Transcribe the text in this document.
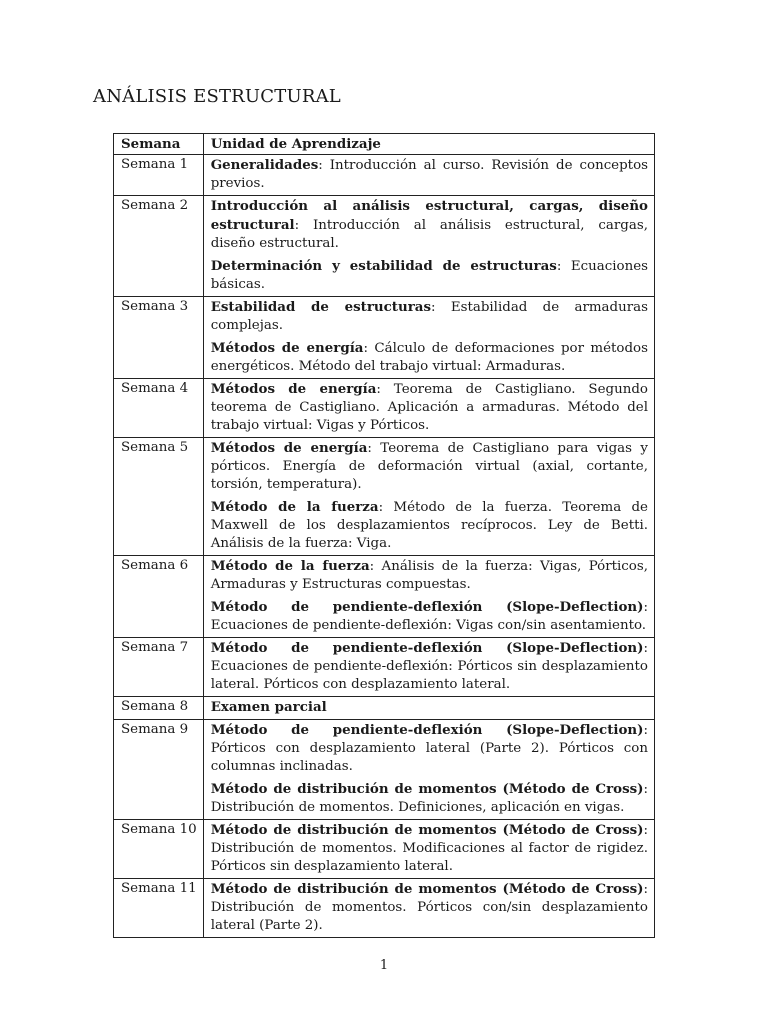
ANÁLISIS ESTRUCTURAL
Semana	Unidad de Aprendizaje
Semana 1	Generalidades: Introducción al curso. Revisión de conceptos previos.

Semana 2	Introducción al análisis estructural, cargas, diseño estructural: Introducción al análisis estructural, cargas, diseño estructural.
Determinación y estabilidad de estructuras: Ecuaciones básicas.

Semana 3	Estabilidad de estructuras: Estabilidad de armaduras complejas.
Métodos de energía: Cálculo de deformaciones por métodos energéticos. Método del trabajo virtual: Armaduras.

Semana 4	Métodos de energía: Teorema de Castigliano. Segundo teorema de Castigliano. Aplicación a armaduras. Método del trabajo virtual: Vigas y Pórticos.

Semana 5	Métodos de energía: Teorema de Castigliano para vigas y pórticos. Energía de deformación virtual (axial, cortante, torsión, temperatura).
Método de la fuerza: Método de la fuerza. Teorema de Maxwell de los desplazamientos recíprocos. Ley de Betti. Análisis de la fuerza: Viga.

Semana 6	Método de la fuerza: Análisis de la fuerza: Vigas, Pórticos, Armaduras y Estructuras compuestas.
Método de pendiente-deflexión (Slope-Deflection): Ecuaciones de pendiente-deflexión: Vigas con/sin asentamiento.

Semana 7	Método de pendiente-deflexión (Slope-Deflection): Ecuaciones de pendiente-deflexión: Pórticos sin desplazamiento lateral. Pórticos con desplazamiento lateral.

Semana 8	Examen parcial

Semana 9	Método de pendiente-deflexión (Slope-Deflection): Pórticos con desplazamiento lateral (Parte 2). Pórticos con columnas inclinadas.
Método de distribución de momentos (Método de Cross): Distribución de momentos. Definiciones, aplicación en vigas.

Semana 10	Método de distribución de momentos (Método de Cross): Distribución de momentos. Modificaciones al factor de rigidez. Pórticos sin desplazamiento lateral.

Semana 11	Método de distribución de momentos (Método de Cross): Distribución de momentos. Pórticos con/sin desplazamiento lateral (Parte 2).
1
